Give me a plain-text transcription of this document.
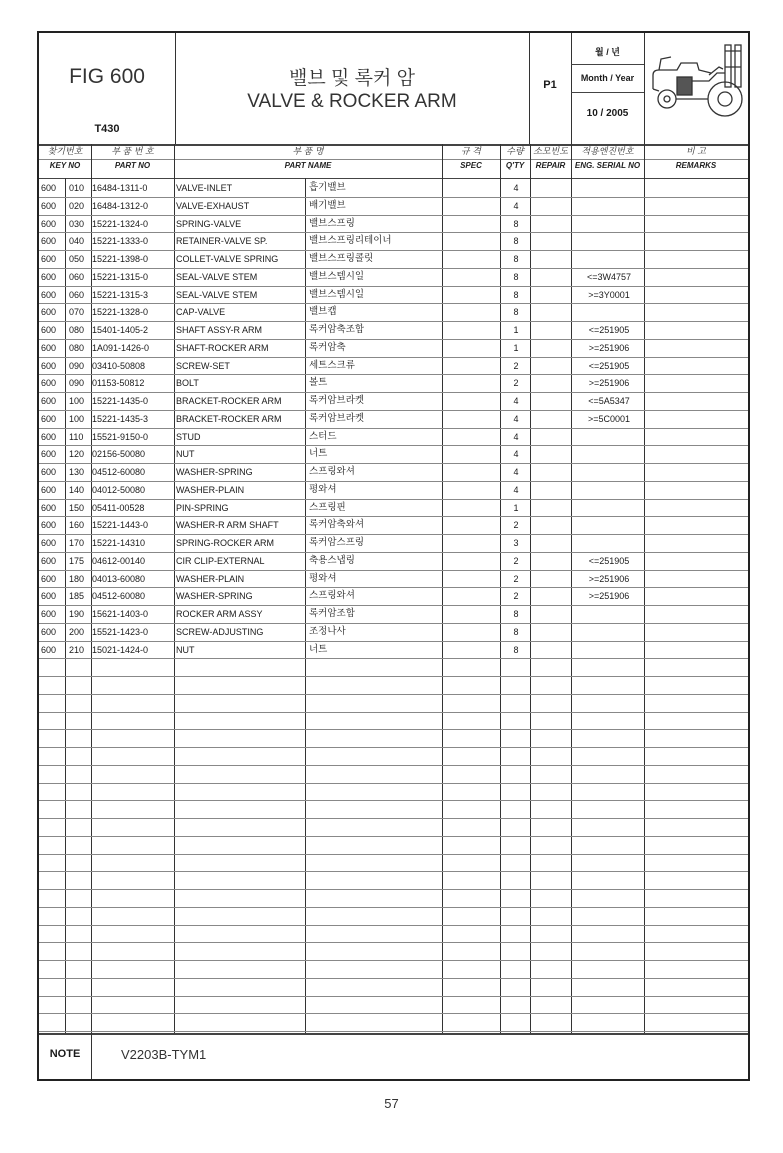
FIG 600
T430
밸브 및 록커 암
VALVE & ROCKER ARM
P1
월 / 년
Month / Year
10 / 2005
찾기번호
KEY NO
부 품 번 호
PART NO
부 품 명
PART NAME
규 격
SPEC
수량
Q'TY
소모빈도
REPAIR
적용엔진번호
ENG. SERIAL NO
비 고
REMARKS
600	010 16484-1311-0	VALVE-INLET	흡기밸브	4
600	020 16484-1312-0	VALVE-EXHAUST	배기밸브	4
600	030 15221-1324-0	SPRING-VALVE	밸브스프링	8
600	040 15221-1333-0	RETAINER-VALVE SP.	밸브스프링리테이너	8
600	050 15221-1398-0	COLLET-VALVE SPRING	밸브스프링콜릿	8
600	060 15221-1315-0	SEAL-VALVE STEM	밸브스템시일	8	<=3W4757
600	060 15221-1315-3	SEAL-VALVE STEM	밸브스템시일	8	>=3Y0001
600	070 15221-1328-0	CAP-VALVE	밸브캡	8
600	080 15401-1405-2	SHAFT ASSY-R ARM	록커암축조합	1	<=251905
600	080 1A091-1426-0	SHAFT-ROCKER ARM	록커암축	1	>=251906
600	090 03410-50808	SCREW-SET	세트스크류	2	<=251905
600	090 01153-50812	BOLT	볼트	2	>=251906
600	100 15221-1435-0	BRACKET-ROCKER ARM	록커암브라켓	4	<=5A5347
600	100 15221-1435-3	BRACKET-ROCKER ARM	록커암브라켓	4	>=5C0001
600	110 15521-9150-0	STUD	스터드	4
600	120 02156-50080	NUT	너트	4
600	130 04512-60080	WASHER-SPRING	스프링와셔	4
600	140 04012-50080	WASHER-PLAIN	평와셔	4
600	150 05411-00528	PIN-SPRING	스프링핀	1
600	160 15221-1443-0	WASHER-R ARM SHAFT	록커암축와셔	2
600	170 15221-14310	SPRING-ROCKER ARM	록커암스프링	3
600	175 04612-00140	CIR CLIP-EXTERNAL	축용스냅링	2	<=251905
600	180 04013-60080	WASHER-PLAIN	평와셔	2	>=251906
600	185 04512-60080	WASHER-SPRING	스프링와셔	2	>=251906
600	190 15621-1403-0	ROCKER ARM ASSY	록커암조합	8
600	200 15521-1423-0	SCREW-ADJUSTING	조정나사	8
600	210 15021-1424-0	NUT	너트	8
NOTE	V2203B-TYM1
57
